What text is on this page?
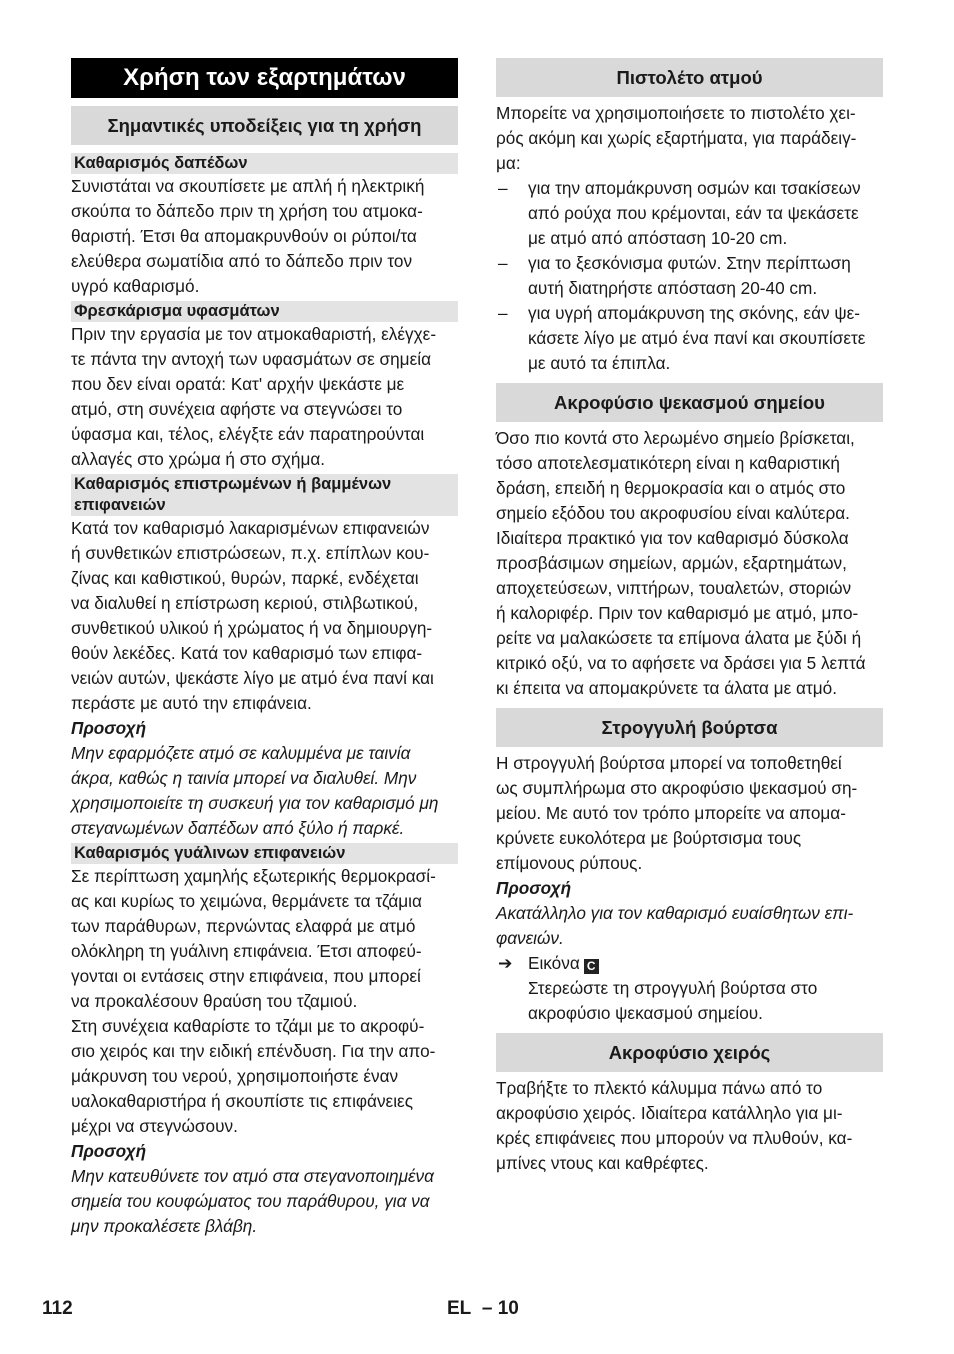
Χρήση των εξαρτημάτων
Σημαντικές υποδείξεις για τη χρήση
Καθαρισμός δαπέδων

Συνιστάται να σκουπίσετε με απλή ή ηλεκτρική
σκούπα το δάπεδο πριν τη χρήση του ατμοκα-
θαριστή. Έτσι θα απομακρυνθούν οι ρύποι/τα
ελεύθερα σωματίδια από το δάπεδο πριν τον
υγρό καθαρισμό.

Φρεσκάρισμα υφασμάτων

Πριν την εργασία με τον ατμοκαθαριστή, ελέγχε-
τε πάντα την αντοχή των υφασμάτων σε σημεία
που δεν είναι ορατά: Κατ' αρχήν ψεκάστε με
ατμό, στη συνέχεια αφήστε να στεγνώσει το
ύφασμα και, τέλος, ελέγξτε εάν παρατηρούνται
αλλαγές στο χρώμα ή στο σχήμα.

Καθαρισμός επιστρωμένων ή βαμμένων
επιφανειών

Κατά τον καθαρισμό λακαρισμένων επιφανειών
ή συνθετικών επιστρώσεων, π.χ. επίπλων κου-
ζίνας και καθιστικού, θυρών, παρκέ, ενδέχεται
να διαλυθεί η επίστρωση κεριού, στιλβωτικού,
συνθετικού υλικού ή χρώματος ή να δημιουργη-
θούν λεκέδες. Κατά τον καθαρισμό των επιφα-
νειών αυτών, ψεκάστε λίγο με ατμό ένα πανί και
περάστε με αυτό την επιφάνεια.

Προσοχή

Μην εφαρμόζετε ατμό σε καλυμμένα με ταινία
άκρα, καθώς η ταινία μπορεί να διαλυθεί. Μην
χρησιμοποιείτε τη συσκευή για τον καθαρισμό μη
στεγανωμένων δαπέδων από ξύλο ή παρκέ.

Καθαρισμός γυάλινων επιφανειών

Σε περίπτωση χαμηλής εξωτερικής θερμοκρασί-
ας και κυρίως το χειμώνα, θερμάνετε τα τζάμια
των παράθυρων, περνώντας ελαφρά με ατμό
ολόκληρη τη γυάλινη επιφάνεια. Έτσι αποφεύ-
γονται οι εντάσεις στην επιφάνεια, που μπορεί
να προκαλέσουν θραύση του τζαμιού.
Στη συνέχεια καθαρίστε το τζάμι με το ακροφύ-
σιο χειρός και την ειδική επένδυση. Για την απο-
μάκρυνση του νερού, χρησιμοποιήστε έναν
υαλοκαθαριστήρα ή σκουπίστε τις επιφάνειες
μέχρι να στεγνώσουν.

Προσοχή

Μην κατευθύνετε τον ατμό στα στεγανοποιημένα
σημεία του κουφώματος του παράθυρου, για να
μην προκαλέσετε βλάβη.

Πιστολέτο ατμού

Μπορείτε να χρησιμοποιήσετε το πιστολέτο χει-
ρός ακόμη και χωρίς εξαρτήματα, για παράδειγ-
μα:

– για την απομάκρυνση οσμών και τσακίσεων
από ρούχα που κρέμονται, εάν τα ψεκάσετε
με ατμό από απόσταση 10-20 cm.
– για το ξεσκόνισμα φυτών. Στην περίπτωση
αυτή διατηρήστε απόσταση 20-40 cm.
– για υγρή απομάκρυνση της σκόνης, εάν ψε-
κάσετε λίγο με ατμό ένα πανί και σκουπίσετε
με αυτό τα έπιπλα.
Ακροφύσιο ψεκασμού σημείου

Όσο πιο κοντά στο λερωμένο σημείο βρίσκεται,
τόσο αποτελεσματικότερη είναι η καθαριστική
δράση, επειδή η θερμοκρασία και ο ατμός στο
σημείο εξόδου του ακροφυσίου είναι καλύτερα.
Ιδιαίτερα πρακτικό για τον καθαρισμό δύσκολα
προσβάσιμων σημείων, αρμών, εξαρτημάτων,
αποχετεύσεων, νιπτήρων, τουαλετών, στοριών
ή καλοριφέρ. Πριν τον καθαρισμό με ατμό, μπο-
ρείτε να μαλακώσετε τα επίμονα άλατα με ξύδι ή
κιτρικό οξύ, να το αφήσετε να δράσει για 5 λεπτά
κι έπειτα να απομακρύνετε τα άλατα με ατμό.

Στρογγυλή βούρτσα

Η στρογγυλή βούρτσα μπορεί να τοποθετηθεί
ως συμπλήρωμα στο ακροφύσιο ψεκασμού ση-
μείου. Με αυτό τον τρόπο μπορείτε να απομα-
κρύνετε ευκολότερα με βούρτσισμα τους
επίμονους ρύπους.

Προσοχή

Ακατάλληλο για τον καθαρισμό ευαίσθητων επι-
φανειών.

➔ Εικόνα C

Στερεώστε τη στρογγυλή βούρτσα στο
ακροφύσιο ψεκασμού σημείου.

Ακροφύσιο χειρός

Τραβήξτε το πλεκτό κάλυμμα πάνω από το
ακροφύσιο χειρός. Ιδιαίτερα κατάλληλο για μι-
κρές επιφάνειες που μπορούν να πλυθούν, κα-
μπίνες ντους και καθρέφτες.

112	EL – 10
